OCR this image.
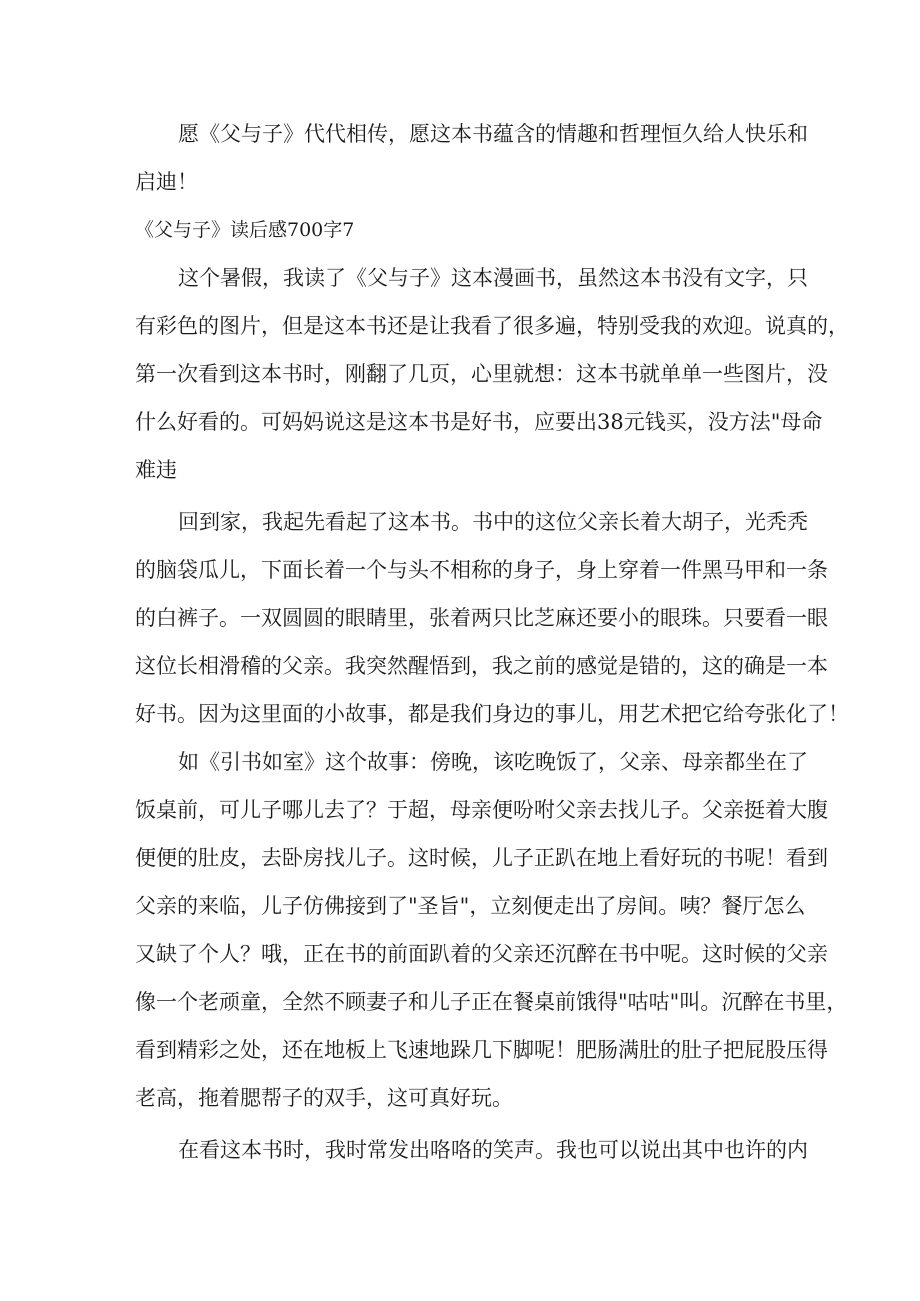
愿《父与子》代代相传，愿这本书蕴含的情趣和哲理恒久给人快乐和
启迪！
《父与子》读后感700字7
这个暑假，我读了《父与子》这本漫画书，虽然这本书没有文字，只
有彩色的图片，但是这本书还是让我看了很多遍，特别受我的欢迎。说真的，
第一次看到这本书时，刚翻了几页，心里就想：这本书就单单一些图片，没
什么好看的。可妈妈说这是这本书是好书，应要出38元钱买，没方法"母命
难违
回到家，我起先看起了这本书。书中的这位父亲长着大胡子，光秃秃
的脑袋瓜儿，下面长着一个与头不相称的身子，身上穿着一件黑马甲和一条
的白裤子。一双圆圆的眼睛里，张着两只比芝麻还要小的眼珠。只要看一眼
这位长相滑稽的父亲。我突然醒悟到，我之前的感觉是错的，这的确是一本
好书。因为这里面的小故事，都是我们身边的事儿，用艺术把它给夸张化了！
如《引书如室》这个故事：傍晚，该吃晚饭了，父亲、母亲都坐在了
饭桌前，可儿子哪儿去了？于超，母亲便吩咐父亲去找儿子。父亲挺着大腹
便便的肚皮，去卧房找儿子。这时候，儿子正趴在地上看好玩的书呢！看到
父亲的来临，儿子仿佛接到了"圣旨"，立刻便走出了房间。咦？餐厅怎么
又缺了个人？哦，正在书的前面趴着的父亲还沉醉在书中呢。这时候的父亲
像一个老顽童，全然不顾妻子和儿子正在餐桌前饿得"咕咕"叫。沉醉在书里，
看到精彩之处，还在地板上飞速地跺几下脚呢！肥肠满肚的肚子把屁股压得
老高，拖着腮帮子的双手，这可真好玩。
在看这本书时，我时常发出咯咯的笑声。我也可以说出其中也许的内
